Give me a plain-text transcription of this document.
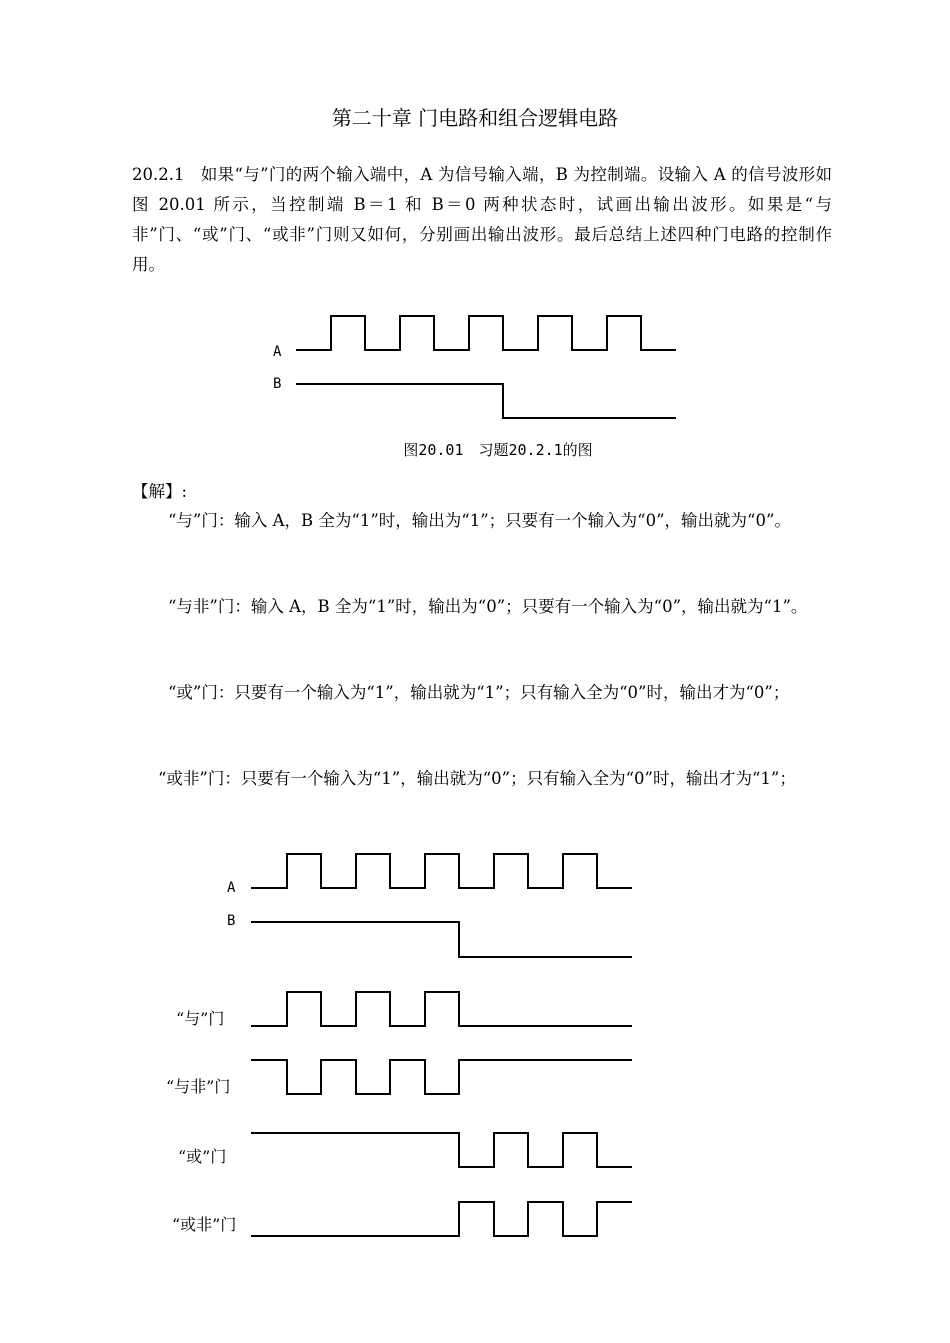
第二十章 门电路和组合逻辑电路
20.2.1 如果“与”门的两个输入端中，A 为信号输入端，B 为控制端。设输入 A 的信号波形如图 20.01 所示，当控制端 B＝1 和 B＝0 两种状态时，试画出输出波形。如果是“与非”门、“或”门、“或非”门则又如何，分别画出输出波形。最后总结上述四种门电路的控制作用。
A
B
图20.01　习题20.2.1的图
【解】:
“与”门：输入 A，B 全为“1”时，输出为“1”；只要有一个输入为“0”，输出就为“0”。
“与非”门：输入 A，B 全为“1”时，输出为“0”；只要有一个输入为“0”，输出就为“1”。
“或”门：只要有一个输入为“1”，输出就为“1”；只有输入全为“0”时，输出才为“0”；
“或非”门：只要有一个输入为“1”，输出就为“0”；只有输入全为“0”时，输出才为“1”；
A
B
“与”门
“与非”门
“或”门
“或非”门
